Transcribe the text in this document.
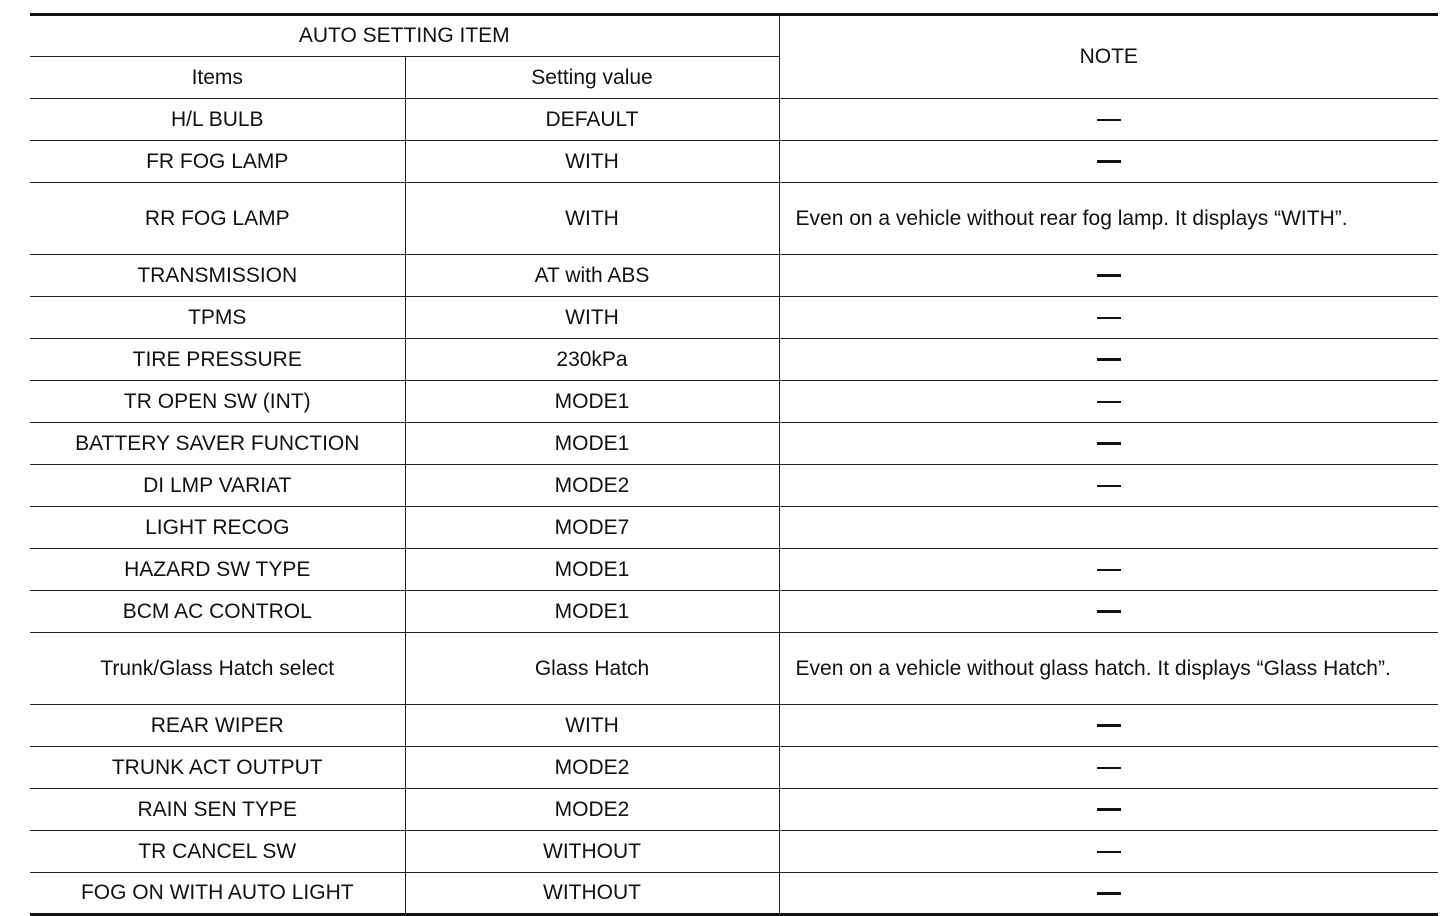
AUTO SETTING ITEM		NOTE
Items	Setting value	
H/L BULB	DEFAULT	
FR FOG LAMP	WITH	
RR FOG LAMP	WITH	Even on a vehicle without rear fog lamp. It displays “WITH”.
TRANSMISSION	AT with ABS	
TPMS	WITH	
TIRE PRESSURE	230kPa	
TR OPEN SW (INT)	MODE1	
BATTERY SAVER FUNCTION	MODE1	
DI LMP VARIAT	MODE2	
LIGHT RECOG	MODE7	
HAZARD SW TYPE	MODE1	
BCM AC CONTROL	MODE1	
Trunk/Glass Hatch select	Glass Hatch	Even on a vehicle without glass hatch. It displays “Glass Hatch”.
REAR WIPER	WITH	
TRUNK ACT OUTPUT	MODE2	
RAIN SEN TYPE	MODE2	
TR CANCEL SW	WITHOUT	
FOG ON WITH AUTO LIGHT	WITHOUT	
